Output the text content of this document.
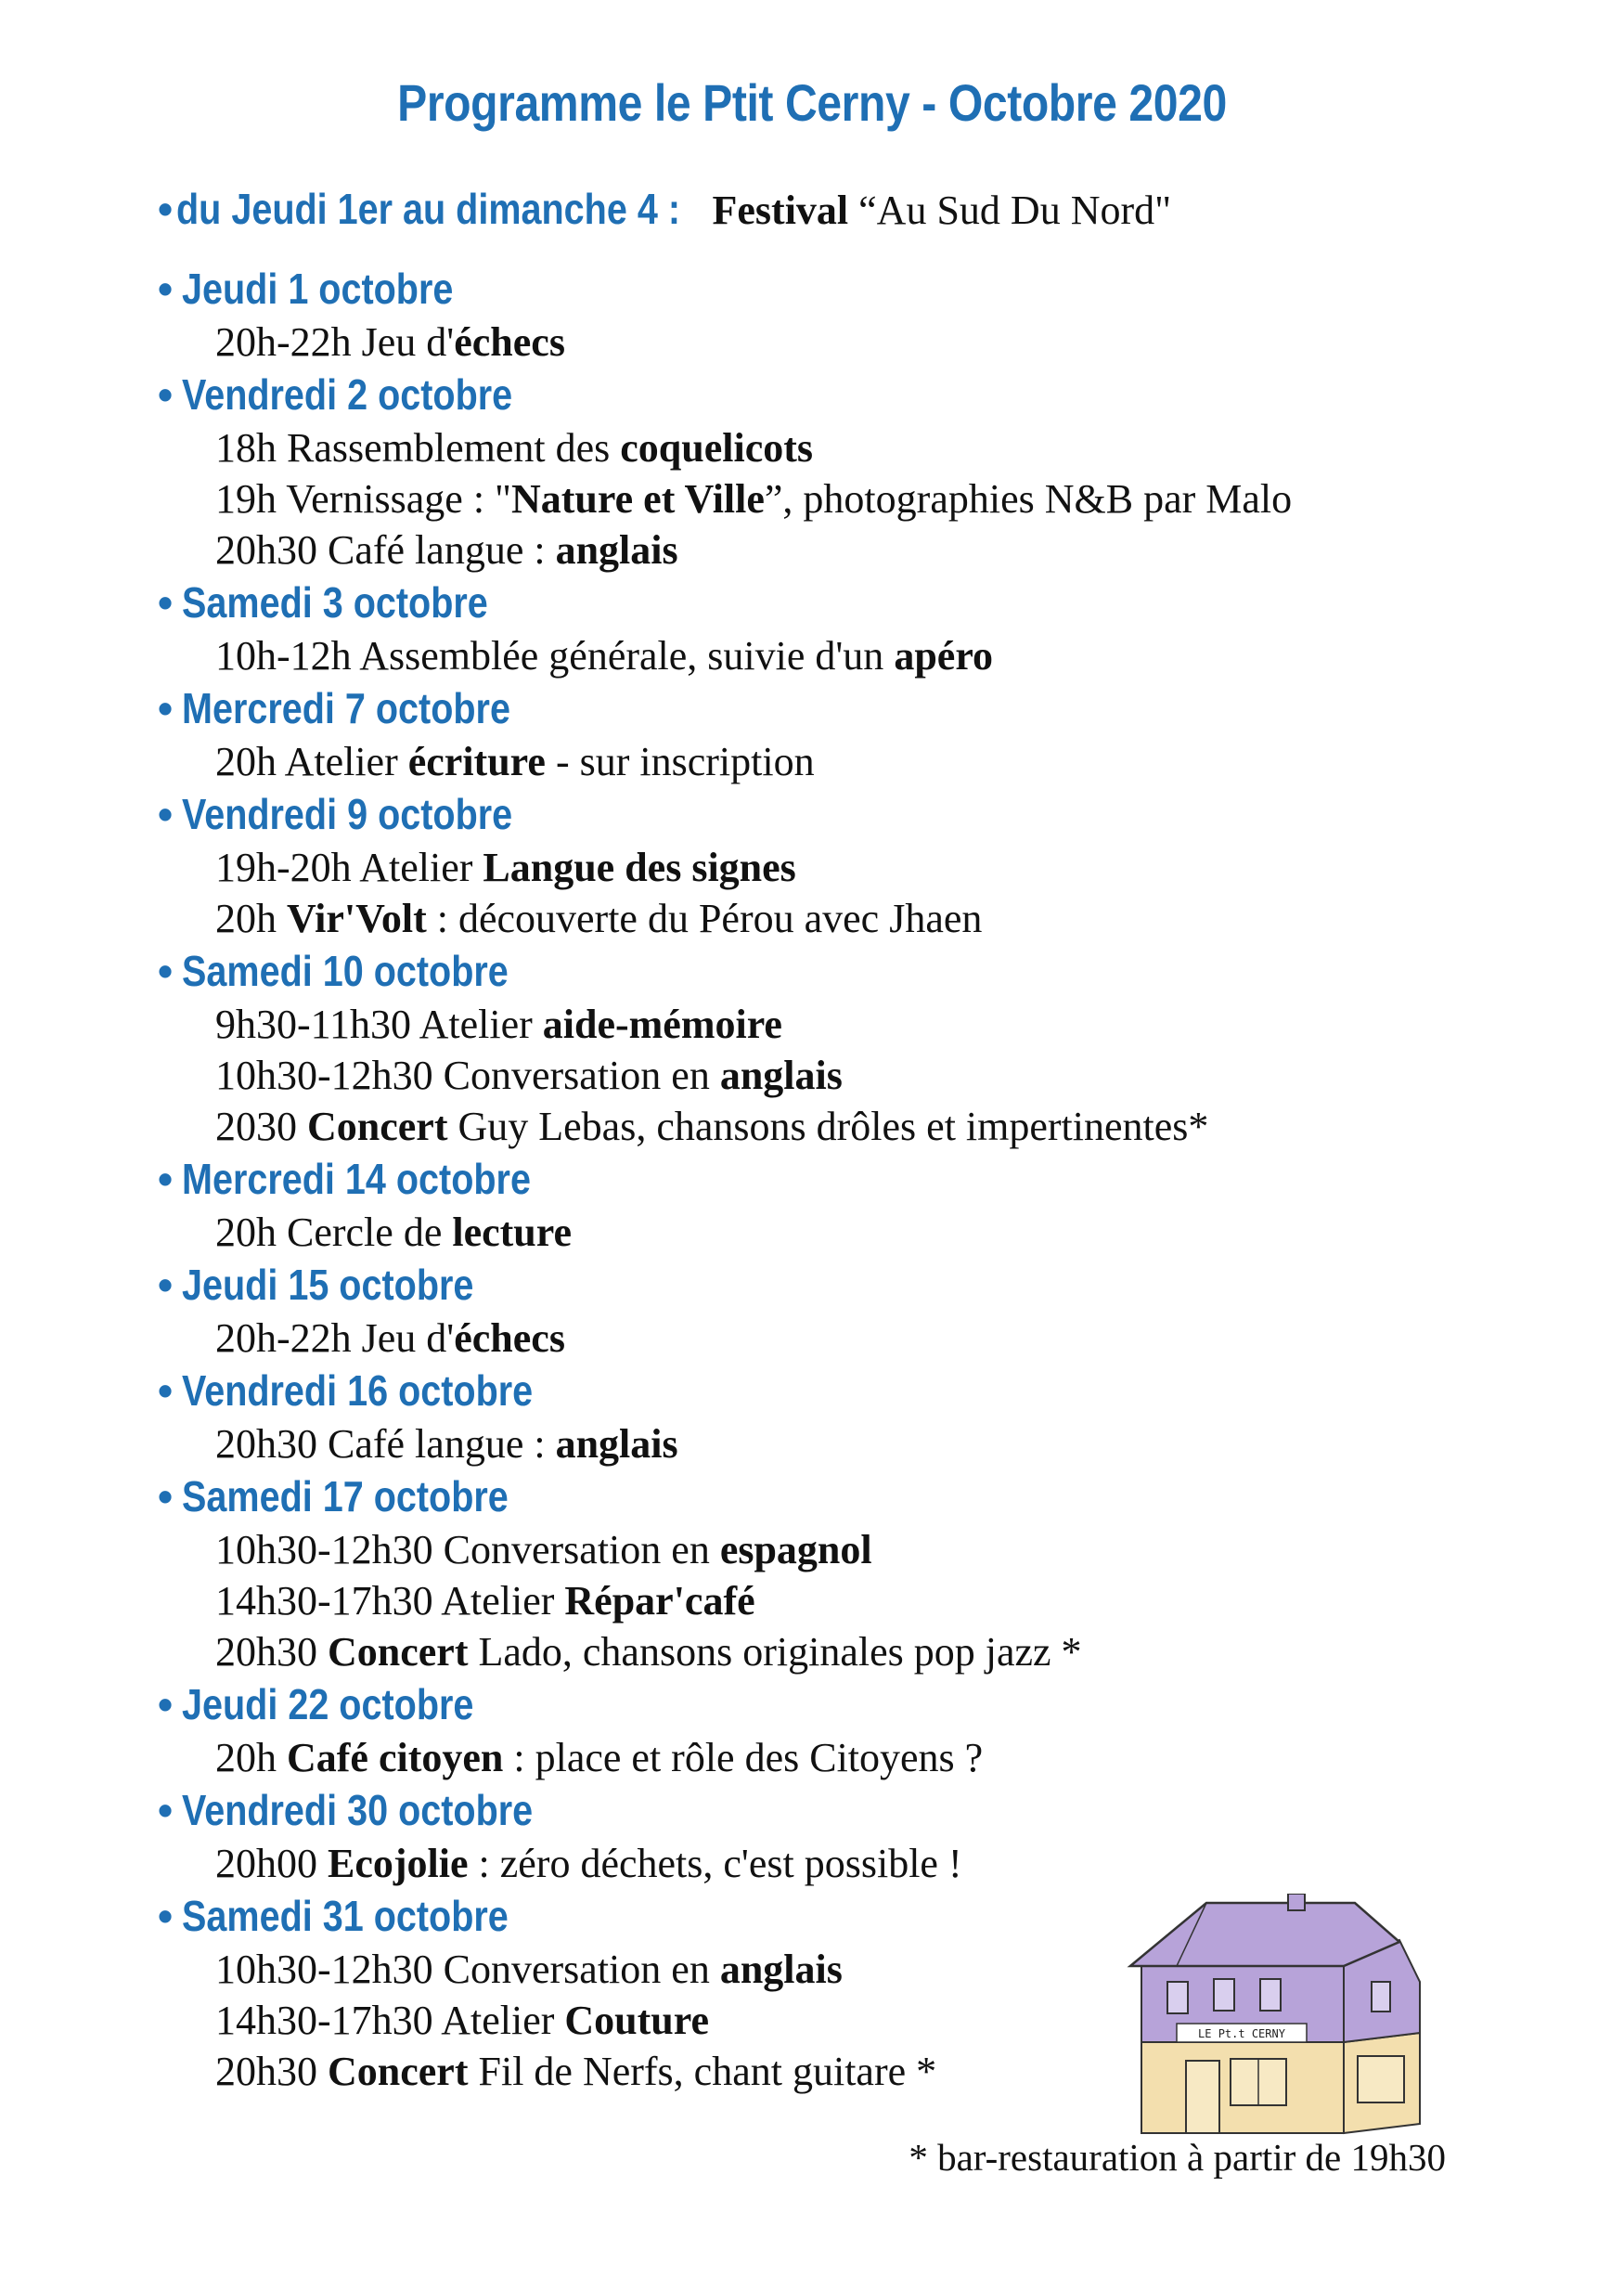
Programme le Ptit Cerny - Octobre 2020
• du Jeudi 1er au dimanche 4 : Festival “Au Sud Du Nord"
• Jeudi 1 octobre
20h-22h Jeu d'échecs
• Vendredi 2 octobre
18h Rassemblement des coquelicots
19h Vernissage : "Nature et Ville”, photographies N&B par Malo
20h30 Café langue : anglais
• Samedi 3 octobre
10h-12h Assemblée générale, suivie d'un apéro
• Mercredi 7 octobre
20h Atelier écriture - sur inscription
• Vendredi 9 octobre
19h-20h Atelier Langue des signes
20h Vir'Volt : découverte du Pérou avec Jhaen
• Samedi 10 octobre
9h30-11h30 Atelier aide-mémoire
10h30-12h30 Conversation en anglais
2030 Concert Guy Lebas, chansons drôles et impertinentes*
• Mercredi 14 octobre
20h Cercle de lecture
• Jeudi 15 octobre
20h-22h Jeu d'échecs
• Vendredi 16 octobre
20h30 Café langue : anglais
• Samedi 17 octobre
10h30-12h30 Conversation en espagnol
14h30-17h30 Atelier Répar'café
20h30 Concert Lado, chansons originales pop jazz *
• Jeudi 22 octobre
20h Café citoyen : place et rôle des Citoyens ?
• Vendredi 30 octobre
20h00 Ecojolie : zéro déchets, c'est possible !
• Samedi 31 octobre
10h30-12h30 Conversation en anglais
14h30-17h30 Atelier Couture
20h30 Concert Fil de Nerfs, chant guitare *
* bar-restauration à partir de 19h30
LE Pt.t CERNY
